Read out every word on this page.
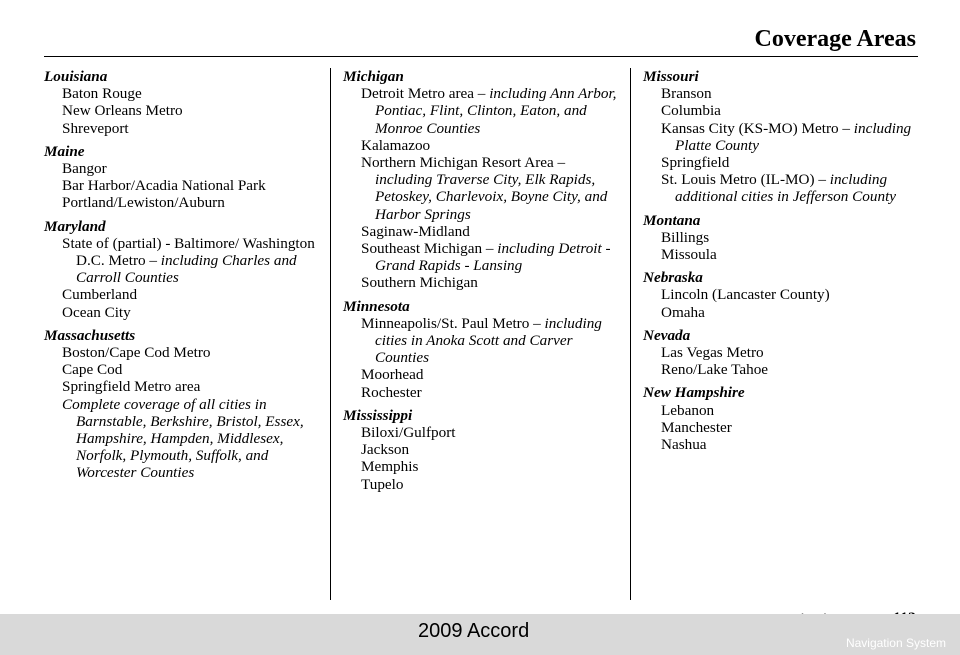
Coverage Areas
Louisiana
Baton Rouge
New Orleans Metro
Shreveport
Maine
Bangor
Bar Harbor/Acadia National Park
Portland/Lewiston/Auburn
Maryland
State of (partial) - Baltimore/ Washington D.C. Metro – including Charles and Carroll Counties
Cumberland
Ocean City
Massachusetts
Boston/Cape Cod Metro
Cape Cod
Springfield Metro area
Complete coverage of all cities in Barnstable, Berkshire, Bristol, Essex, Hampshire, Hampden, Middlesex, Norfolk, Plymouth, Suffolk, and Worcester Counties
Michigan
Detroit Metro area – including Ann Arbor, Pontiac, Flint, Clinton, Eaton, and Monroe Counties
Kalamazoo
Northern Michigan Resort Area – including Traverse City, Elk Rapids, Petoskey, Charlevoix, Boyne City, and Harbor Springs
Saginaw-Midland
Southeast Michigan – including Detroit - Grand Rapids - Lansing
Southern Michigan
Minnesota
Minneapolis/St. Paul Metro – including cities in Anoka Scott and Carver Counties
Moorhead
Rochester
Mississippi
Biloxi/Gulfport
Jackson
Memphis
Tupelo
Missouri
Branson
Columbia
Kansas City (KS-MO) Metro – including Platte County
Springfield
St. Louis Metro (IL-MO) – including additional cities in Jefferson County
Montana
Billings
Missoula
Nebraska
Lincoln (Lancaster County)
Omaha
Nevada
Las Vegas Metro
Reno/Lake Tahoe
New Hampshire
Lebanon
Manchester
Nashua
2009 Accord
Navigation System
